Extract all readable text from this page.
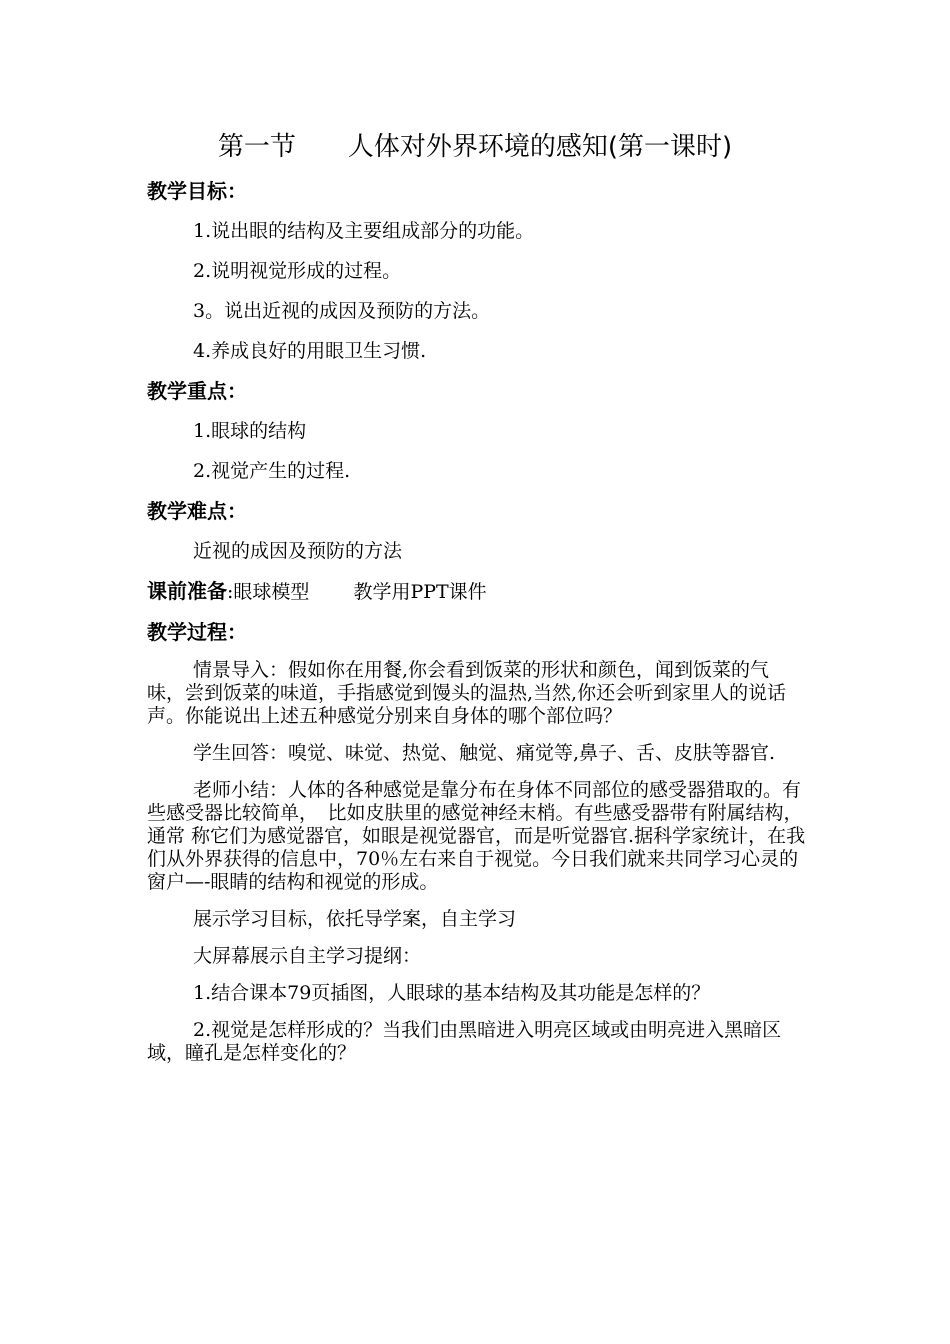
第一节　　人体对外界环境的感知(第一课时)
教学目标：
1.说出眼的结构及主要组成部分的功能。
2.说明视觉形成的过程。
3。说出近视的成因及预防的方法。
4.养成良好的用眼卫生习惯.
教学重点：
1.眼球的结构
2.视觉产生的过程.
教学难点：
近视的成因及预防的方法
课前准备:眼球模型　　 教学用PPT课件
教学过程：
情景导入：假如你在用餐,你会看到饭菜的形状和颜色，闻到饭菜的气味，尝到饭菜的味道，手指感觉到馒头的温热,当然,你还会听到家里人的说话声。你能说出上述五种感觉分别来自身体的哪个部位吗？
学生回答：嗅觉、味觉、热觉、触觉、痛觉等,鼻子、舌、皮肤等器官.
老师小结：人体的各种感觉是靠分布在身体不同部位的感受器猎取的。有些感受器比较简单，　比如皮肤里的感觉神经末梢。有些感受器带有附属结构，通常 称它们为感觉器官，如眼是视觉器官，而是听觉器官.据科学家统计，在我们从外界获得的信息中，70％左右来自于视觉。今日我们就来共同学习心灵的窗户—-眼睛的结构和视觉的形成。
展示学习目标，依托导学案，自主学习
大屏幕展示自主学习提纲：
1.结合课本79页插图，人眼球的基本结构及其功能是怎样的？
2.视觉是怎样形成的？当我们由黑暗进入明亮区域或由明亮进入黑暗区域，瞳孔是怎样变化的？
